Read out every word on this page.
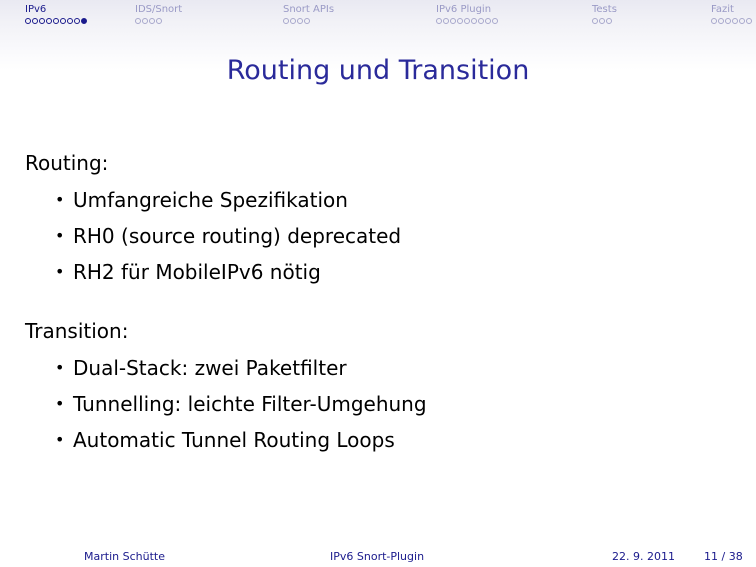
IPv6	IDS/Snort	Snort APIs	IPv6 Plugin	Tests	Fazit
Routing und Transition
Routing:
• Umfangreiche Spezifikation
• RH0 (source routing) deprecated
• RH2 für MobileIPv6 nötig
Transition:
• Dual-Stack: zwei Paketfilter
• Tunnelling: leichte Filter-Umgehung
• Automatic Tunnel Routing Loops
Martin Schütte	IPv6 Snort-Plugin	22. 9. 2011	11 / 38
